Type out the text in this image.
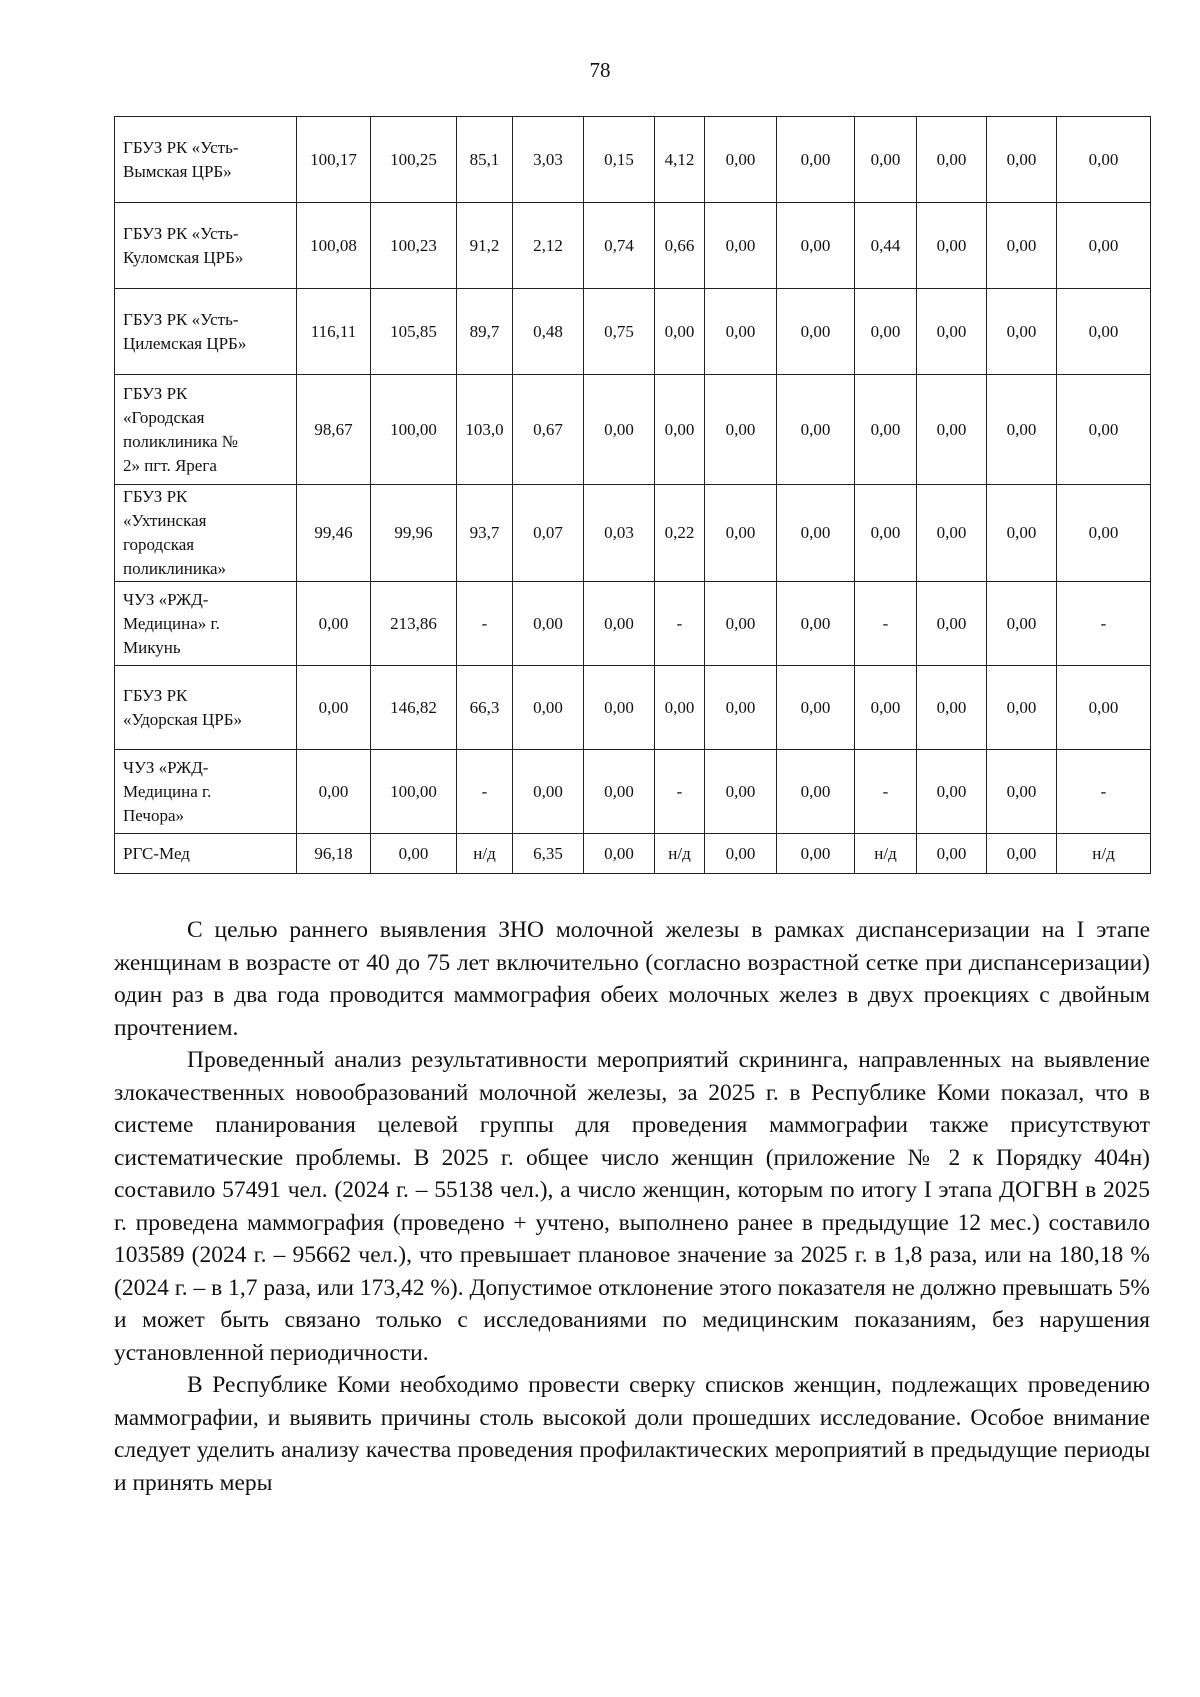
78
ГБУЗ РК «Усть-
Вымская ЦРБ»	100,17	100,25	85,1	3,03	0,15	4,12	0,00	0,00	0,00	0,00	0,00	0,00

ГБУЗ РК «Усть-
Куломская ЦРБ»	100,08	100,23	91,2	2,12	0,74	0,66	0,00	0,00	0,44	0,00	0,00	0,00

ГБУЗ РК «Усть-
Цилемская ЦРБ»	116,11	105,85	89,7	0,48	0,75	0,00	0,00	0,00	0,00	0,00	0,00	0,00

ГБУЗ РК
«Городская
поликлиника №
2» пгт. Ярега	98,67	100,00	103,0	0,67	0,00	0,00	0,00	0,00	0,00	0,00	0,00	0,00

ГБУЗ РК
«Ухтинская
городская
поликлиника»	99,46	99,96	93,7	0,07	0,03	0,22	0,00	0,00	0,00	0,00	0,00	0,00

ЧУЗ «РЖД-
Медицина» г.
Микунь	0,00	213,86	-	0,00	0,00	-	0,00	0,00	-	0,00	0,00	-

ГБУЗ РК
«Удорская ЦРБ»	0,00	146,82	66,3	0,00	0,00	0,00	0,00	0,00	0,00	0,00	0,00	0,00

ЧУЗ «РЖД-
Медицина г.
Печора»	0,00	100,00	-	0,00	0,00	-	0,00	0,00	-	0,00	0,00	-

РГС-Мед	96,18	0,00	н/д	6,35	0,00	н/д	0,00	0,00	н/д	0,00	0,00	н/д

С целью раннего выявления ЗНО молочной железы в рамках диспансеризации на I этапе женщинам в возрасте от 40 до 75 лет включительно (согласно возрастной сетке при диспансеризации) один раз в два года проводится маммография обеих молочных желез в двух проекциях с двойным прочтением.

Проведенный анализ результативности мероприятий скрининга, направленных на выявление злокачественных новообразований молочной железы, за 2025 г. в Республике Коми показал, что в системе планирования целевой группы для проведения маммографии также присутствуют систематические проблемы. В 2025 г. общее число женщин (приложение № 2 к Порядку 404н) составило 57491 чел. (2024 г. – 55138 чел.), а число женщин, которым по итогу I этапа ДОГВН в 2025 г. проведена маммография (проведено + учтено, выполнено ранее в предыдущие 12 мес.) составило 103589 (2024 г. – 95662 чел.), что превышает плановое значение за 2025 г. в 1,8 раза, или на 180,18 % (2024 г. – в 1,7 раза, или 173,42 %). Допустимое отклонение этого показателя не должно превышать 5% и может быть связано только с исследованиями по медицинским показаниям, без нарушения установленной периодичности.

В Республике Коми необходимо провести сверку списков женщин, подлежащих проведению маммографии, и выявить причины столь высокой доли прошедших исследование. Особое внимание следует уделить анализу качества проведения профилактических мероприятий в предыдущие периоды и принять меры
